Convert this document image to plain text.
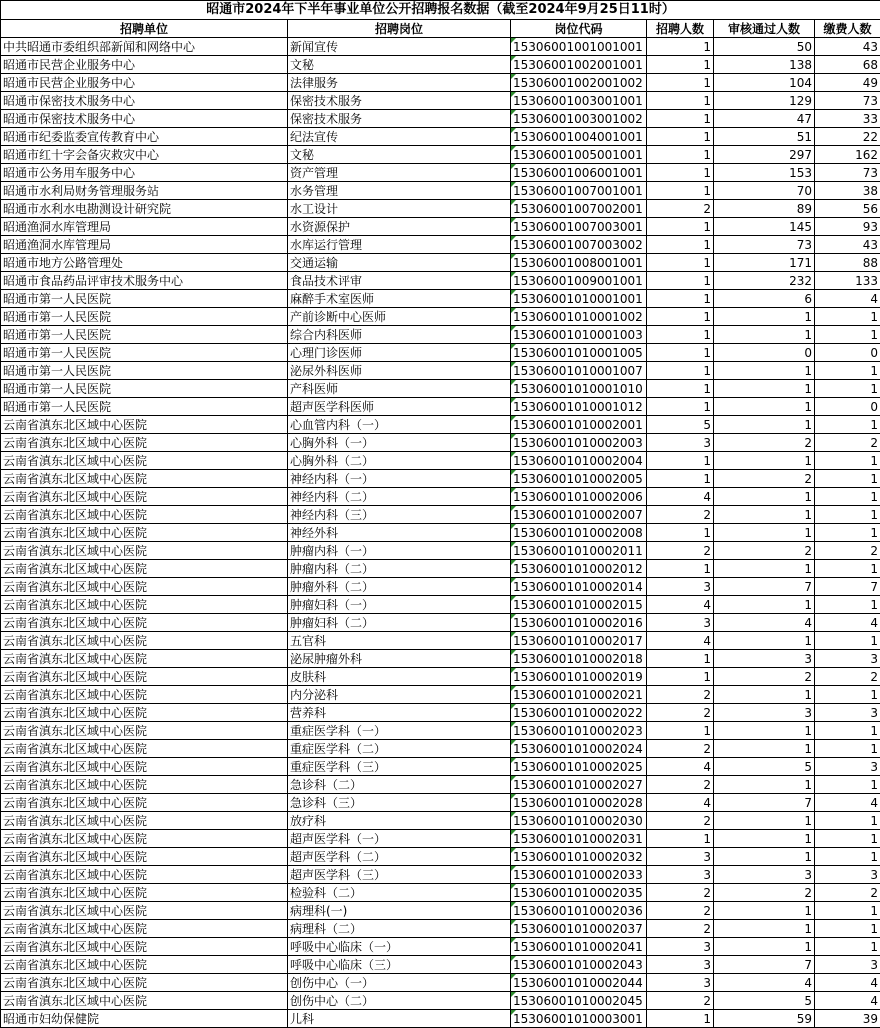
昭通市2024年下半年事业单位公开招聘报名数据（截至2024年9月25日11时）					
招聘单位	招聘岗位	岗位代码	招聘人数	审核通过人数	缴费人数
中共昭通市委组织部新闻和网络中心	新闻宣传	15306001001001001	1	50	43
昭通市民营企业服务中心	文秘	15306001002001001	1	138	68
昭通市民营企业服务中心	法律服务	15306001002001002	1	104	49
昭通市保密技术服务中心	保密技术服务	15306001003001001	1	129	73
昭通市保密技术服务中心	保密技术服务	15306001003001002	1	47	33
昭通市纪委监委宣传教育中心	纪法宣传	15306001004001001	1	51	22
昭通市红十字会备灾救灾中心	文秘	15306001005001001	1	297	162
昭通市公务用车服务中心	资产管理	15306001006001001	1	153	73
昭通市水利局财务管理服务站	水务管理	15306001007001001	1	70	38
昭通市水利水电勘测设计研究院	水工设计	15306001007002001	2	89	56
昭通渔洞水库管理局	水资源保护	15306001007003001	1	145	93
昭通渔洞水库管理局	水库运行管理	15306001007003002	1	73	43
昭通市地方公路管理处	交通运输	15306001008001001	1	171	88
昭通市食品药品评审技术服务中心	食品技术评审	15306001009001001	1	232	133
昭通市第一人民医院	麻醉手术室医师	15306001010001001	1	6	4
昭通市第一人民医院	产前诊断中心医师	15306001010001002	1	1	1
昭通市第一人民医院	综合内科医师	15306001010001003	1	1	1
昭通市第一人民医院	心理门诊医师	15306001010001005	1	0	0
昭通市第一人民医院	泌尿外科医师	15306001010001007	1	1	1
昭通市第一人民医院	产科医师	15306001010001010	1	1	1
昭通市第一人民医院	超声医学科医师	15306001010001012	1	1	0
云南省滇东北区域中心医院	心血管内科（一）	15306001010002001	5	1	1
云南省滇东北区域中心医院	心胸外科（一）	15306001010002003	3	2	2
云南省滇东北区域中心医院	心胸外科（二）	15306001010002004	1	1	1
云南省滇东北区域中心医院	神经内科（一）	15306001010002005	1	2	1
云南省滇东北区域中心医院	神经内科（二）	15306001010002006	4	1	1
云南省滇东北区域中心医院	神经内科（三）	15306001010002007	2	1	1
云南省滇东北区域中心医院	神经外科	15306001010002008	1	1	1
云南省滇东北区域中心医院	肿瘤内科（一）	15306001010002011	2	2	2
云南省滇东北区域中心医院	肿瘤内科（二）	15306001010002012	1	1	1
云南省滇东北区域中心医院	肿瘤外科（二）	15306001010002014	3	7	7
云南省滇东北区域中心医院	肿瘤妇科（一）	15306001010002015	4	1	1
云南省滇东北区域中心医院	肿瘤妇科（二）	15306001010002016	3	4	4
云南省滇东北区域中心医院	五官科	15306001010002017	4	1	1
云南省滇东北区域中心医院	泌尿肿瘤外科	15306001010002018	1	3	3
云南省滇东北区域中心医院	皮肤科	15306001010002019	1	2	2
云南省滇东北区域中心医院	内分泌科	15306001010002021	2	1	1
云南省滇东北区域中心医院	营养科	15306001010002022	2	3	3
云南省滇东北区域中心医院	重症医学科（一）	15306001010002023	1	1	1
云南省滇东北区域中心医院	重症医学科（二）	15306001010002024	2	1	1
云南省滇东北区域中心医院	重症医学科（三）	15306001010002025	4	5	3
云南省滇东北区域中心医院	急诊科（二）	15306001010002027	2	1	1
云南省滇东北区域中心医院	急诊科（三）	15306001010002028	4	7	4
云南省滇东北区域中心医院	放疗科	15306001010002030	2	1	1
云南省滇东北区域中心医院	超声医学科（一）	15306001010002031	1	1	1
云南省滇东北区域中心医院	超声医学科（二）	15306001010002032	3	1	1
云南省滇东北区域中心医院	超声医学科（三）	15306001010002033	3	3	3
云南省滇东北区域中心医院	检验科（二）	15306001010002035	2	2	2
云南省滇东北区域中心医院	病理科(一)	15306001010002036	2	1	1
云南省滇东北区域中心医院	病理科（二）	15306001010002037	2	1	1
云南省滇东北区域中心医院	呼吸中心临床（一）	15306001010002041	3	1	1
云南省滇东北区域中心医院	呼吸中心临床（三）	15306001010002043	3	7	3
云南省滇东北区域中心医院	创伤中心（一）	15306001010002044	3	4	4
云南省滇东北区域中心医院	创伤中心（二）	15306001010002045	2	5	4
昭通市妇幼保健院	儿科	15306001010003001	1	59	39
